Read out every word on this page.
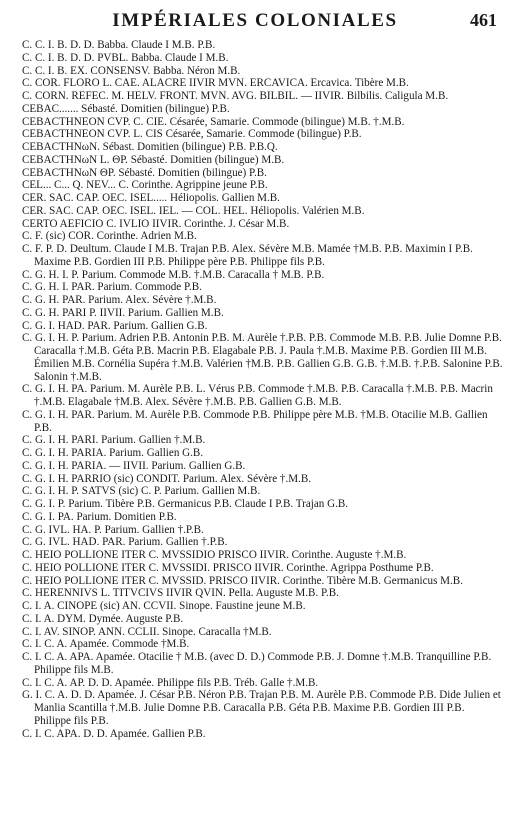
IMPÉRIALES COLONIALES	461

C. C. I. B. D. D. Babba. Claude I M.B. P.B.

C. C. I. B. D. D. PVBL. Babba. Claude I M.B.

C. C. I. B. EX. CONSENSV. Babba. Néron M.B.

C. COR. FLORO L. CAE. ALACRE IIVIR MVN. ERCAVICA. Ercavica. Tibère M.B.

C. CORN. REFEC. M. HELV. FRONT. MVN. AVG. BILBIL. — IIVIR. Bilbilis. Caligula M.B.

CEBAC....... Sébasté. Domitien (bilingue) P.B.

CEBACTHNEON CVP. C. CIE. Césarée, Samarie. Commode (bilingue) M.B. †.M.B.

CEBACTHNEON CVP. L. CIS Césarée, Samarie. Commode (bilingue) P.B.

CEBACTHNωN. Sébast. Domitien (bilingue) P.B. P.B.Q.

CEBACTHNωN L. ΘP. Sébasté. Domitien (bilingue) M.B.

CEBACTHNωN ΘP. Sébasté. Domitien (bilingue) P.B.

CEL... C... Q. NEV... C. Corinthe. Agrippine jeune P.B.

CER. SAC. CAP. OEC. ISEL..... Héliopolis. Gallien M.B.

CER. SAC. CAP. OEC. ISEL. IEL. — COL. HEL. Héliopolis. Valérien M.B.

CERTO AEFICIO C. IVLIO IIVIR. Corinthe. J. César M.B.

C. F. (sic) COR. Corinthe. Adrien M.B.

C. F. P. D. Deultum. Claude I M.B. Trajan P.B. Alex. Sévère M.B. Mamée †M.B. P.B. Maximin I P.B. Maxime P.B. Gordien III P.B. Philippe père P.B. Philippe fils P.B.

C. G. H. I. P. Parium. Commode M.B. †.M.B. Caracalla † M.B. P.B.

C. G. H. I. PAR. Parium. Commode P.B.

C. G. H. PAR. Parium. Alex. Sévère †.M.B.

C. G. H. PARI P. IIVII. Parium. Gallien M.B.

C. G. I. HAD. PAR. Parium. Gallien G.B.

C. G. I. H. P. Parium. Adrien P.B. Antonin P.B. M. Aurèle †.P.B. P.B. Commode M.B. P.B. Julie Domne P.B. Caracalla †.M.B. Géta P.B. Macrin P.B. Elagabale P.B. J. Paula †.M.B. Maxime P.B. Gordien III M.B. Émilien M.B. Cornélia Supéra †.M.B. Valérien †M.B. P.B. Gallien G.B. G.B. †.M.B. †.P.B. Salonine P.B. Salonin †.M.B.

C. G. I. H. PA. Parium. M. Aurèle P.B. L. Vérus P.B. Commode †.M.B. P.B. Caracalla †.M.B. P.B. Macrin †.M.B. Elagabale †M.B. Alex. Sévère †.M.B. P.B. Gallien G.B. M.B.

C. G. I. H. PAR. Parium. M. Aurèle P.B. Commode P.B. Philippe père M.B. †M.B. Otacilie M.B. Gallien P.B.

C. G. I. H. PARI. Parium. Gallien †.M.B.

C. G. I. H. PARIA. Parium. Gallien G.B.

C. G. I. H. PARIA. — IIVII. Parium. Gallien G.B.

C. G. I. H. PARRIO (sic) CONDIT. Parium. Alex. Sévère †.M.B.

C. G. I. H. P. SATVS (sic) C. P. Parium. Gallien M.B.

C. G. I. P. Parium. Tibère P.B. Germanicus P.B. Claude I P.B. Trajan G.B.

C. G. I. PA. Parium. Domitien P.B.

C. G. IVL. HA. P. Parium. Gallien †.P.B.

C. G. IVL. HAD. PAR. Parium. Gallien †.P.B.

C. HEIO POLLIONE ITER C. MVSSIDIO PRISCO IIVIR. Corinthe. Auguste †.M.B.

C. HEIO POLLIONE ITER C. MVSSIDI. PRISCO IIVIR. Corinthe. Agrippa Posthume P.B.

C. HEIO POLLIONE ITER C. MVSSID. PRISCO IIVIR. Corinthe. Tibère M.B. Germanicus M.B.

C. HERENNIVS L. TITVCIVS IIVIR QVIN. Pella. Auguste M.B. P.B.

C. I. A. CINOPE (sic) AN. CCVII. Sinope. Faustine jeune M.B.

C. I. A. DYM. Dymée. Auguste P.B.

C. I. AV. SINOP. ANN. CCLII. Sinope. Caracalla †M.B.

C. I. C. A. Apamée. Commode †M.B.

C. I. C. A. APA. Apamée. Otacilie † M.B. (avec D. D.) Commode P.B. J. Domne †.M.B. Tranquilline P.B. Philippe fils M.B.

C. I. C. A. AP. D. D. Apamée. Philippe fils P.B. Tréb. Galle †.M.B.

G. I. C. A. D. D. Apamée. J. César P.B. Néron P.B. Trajan P.B. M. Aurèle P.B. Commode P.B. Dide Julien et Manlia Scantilla †.M.B. Julie Domne P.B. Caracalla P.B. Géta P.B. Maxime P.B. Gordien III P.B. Philippe fils P.B.

C. I. C. APA. D. D. Apamée. Gallien P.B.
